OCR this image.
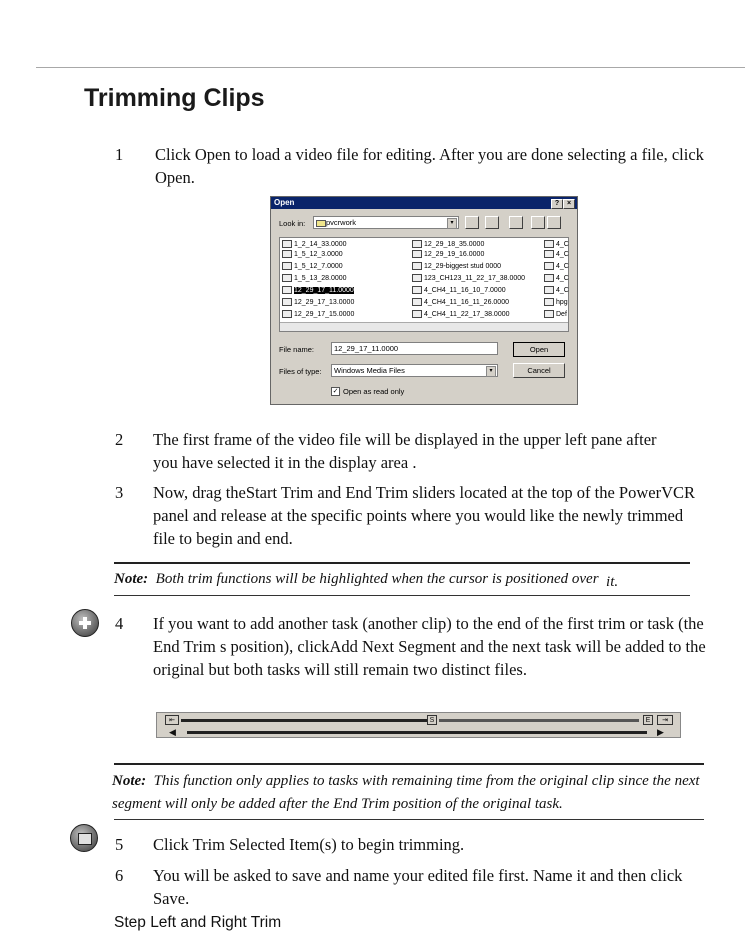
Trimming Clips
1 Click Open to load a video file for editing. After you are done selecting a file, click Open.
Open	?	×
Look in:	pvcrwork	▾
1_2_14_33.0000
1_5_12_3.0000
1_5_12_7.0000
1_5_13_28.0000
12_29_17_11.0000
12_29_17_13.0000
12_29_17_15.0000
12_29_18_35.0000
12_29_19_16.0000
12_29-biggest stud 0000
123_CH123_11_22_17_38.0000
4_CH4_11_16_10_7.0000
4_CH4_11_16_11_26.0000
4_CH4_11_22_17_38.0000
4_C
4_C
4_C
4_C
4_C
hpg
Def
File name:	12_29_17_11.0000	Open
Files of type:	Windows Media Files	▾	Cancel
✓ Open as read only
2 The first frame of the video file will be displayed in the upper left pane after you have selected it in the display area .
3 Now, drag theStart Trim and End Trim sliders located at the top of the PowerVCR panel and release at the specific points where you would like the newly trimmed file to begin and end.
Note: Both trim functions will be highlighted when the cursor is positioned over it.
4 If you want to add another task (another clip) to the end of the first trim or task (the End Trim s position), clickAdd Next Segment and the next task will be added to the original but both tasks will still remain two distinct files.
⇤	S	E	⇥
◀	▶
Note: This function only applies to tasks with remaining time from the original clip since the next segment will only be added after the End Trim position of the original task.
5 Click Trim Selected Item(s) to begin trimming.
6 You will be asked to save and name your edited file first. Name it and then click Save.
Step Left and Right Trim
